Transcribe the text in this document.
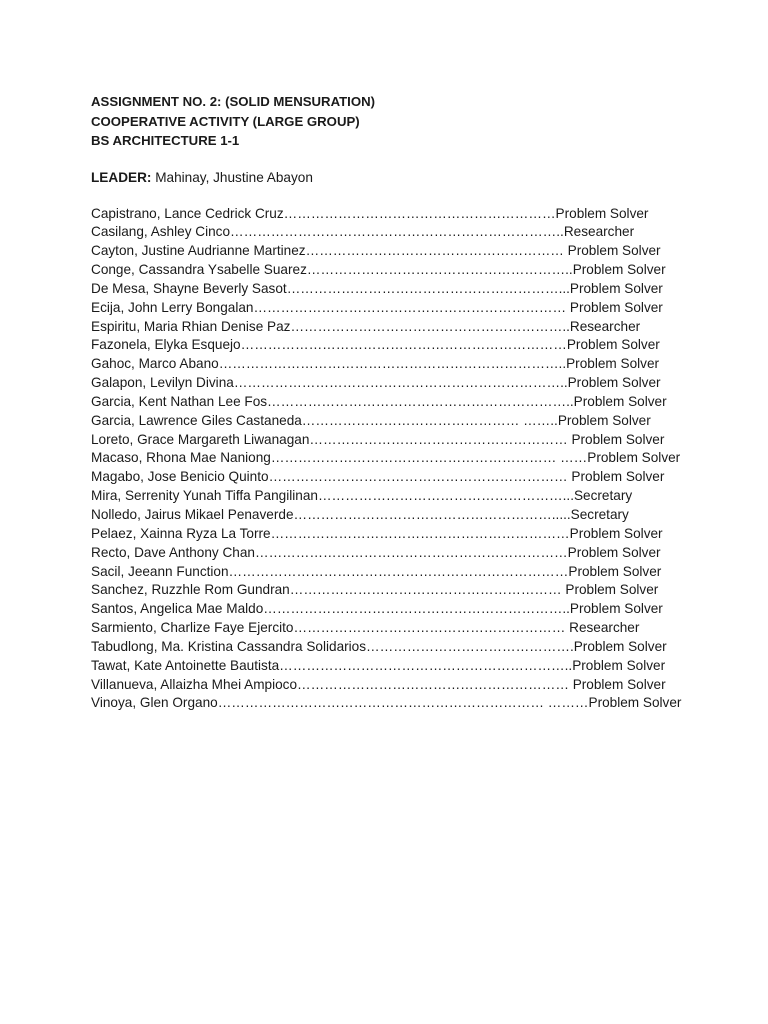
ASSIGNMENT NO. 2: (SOLID MENSURATION)
COOPERATIVE ACTIVITY (LARGE GROUP)
BS ARCHITECTURE 1-1
LEADER: Mahinay, Jhustine Abayon
Capistrano, Lance Cedrick Cruz……………………………………………………Problem Solver
Casilang, Ashley Cinco………………………………………………………………..Researcher
Cayton, Justine Audrianne Martinez………………………………………………… Problem Solver
Conge, Cassandra Ysabelle Suarez…………………………………………………..Problem Solver
De Mesa, Shayne Beverly Sasot……………………………………………………...Problem Solver
Ecija, John Lerry Bongalan…………………………………………………………… Problem Solver
Espiritu, Maria Rhian Denise Paz……………………………………………………..Researcher
Fazonela, Elyka Esquejo………………………………………………………………Problem Solver
Gahoc, Marco Abano…………………………………………………………………..Problem Solver
Galapon, Levilyn Divina………………………………………………………………..Problem Solver
Garcia, Kent Nathan Lee Fos…………………………………………………………..Problem Solver
Garcia, Lawrence Giles Castaneda………………………………………… ……..Problem Solver
Loreto, Grace Margareth Liwanagan………………………………………………… Problem Solver
Macaso, Rhona Mae Naniong……………………………………………………… ……Problem Solver
Magabo, Jose Benicio Quinto………………………………………………………… Problem Solver
Mira, Serrenity Yunah Tiffa Pangilinan………………………………………………...Secretary
Nolledo, Jairus Mikael Penaverde………………………………………………….....Secretary
Pelaez, Xainna Ryza La Torre…………………………………………………………Problem Solver
Recto, Dave Anthony Chan……………………………………………………………Problem Solver
Sacil, Jeeann Function…………………………………………………………………Problem Solver
Sanchez, Ruzzhle Rom Gundran…………………………………………………… Problem Solver
Santos, Angelica Mae Maldo…………………………………………………………..Problem Solver
Sarmiento, Charlize Faye Ejercito…………………………………………………… Researcher
Tabudlong, Ma. Kristina Cassandra Solidarios……………………………………….Problem Solver
Tawat, Kate Antoinette Bautista………………………………………………………..Problem Solver
Villanueva, Allaizha Mhei Ampioco…………………………………………………… Problem Solver
Vinoya, Glen Organo……………………………………………………………… ………Problem Solver
